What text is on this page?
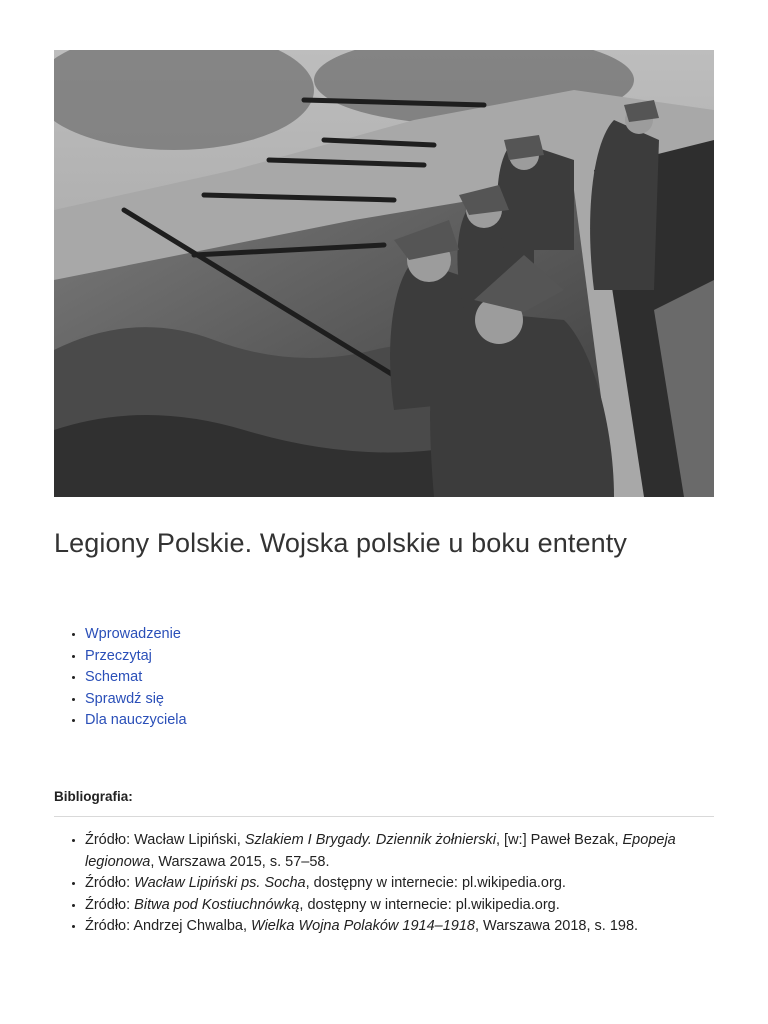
Legiony Polskie. Wojska polskie u boku ententy
• Wprowadzenie
• Przeczytaj
• Schemat
• Sprawdź się
• Dla nauczyciela
Bibliografia:
• Źródło: Wacław Lipiński, Szlakiem I Brygady. Dziennik żołnierski, [w:] Paweł Bezak, Epopeja legionowa, Warszawa 2015, s. 57–58.
• Źródło: Wacław Lipiński ps. Socha, dostępny w internecie: pl.wikipedia.org.
• Źródło: Bitwa pod Kostiuchnówką, dostępny w internecie: pl.wikipedia.org.
• Źródło: Andrzej Chwalba, Wielka Wojna Polaków 1914–1918, Warszawa 2018, s. 198.
